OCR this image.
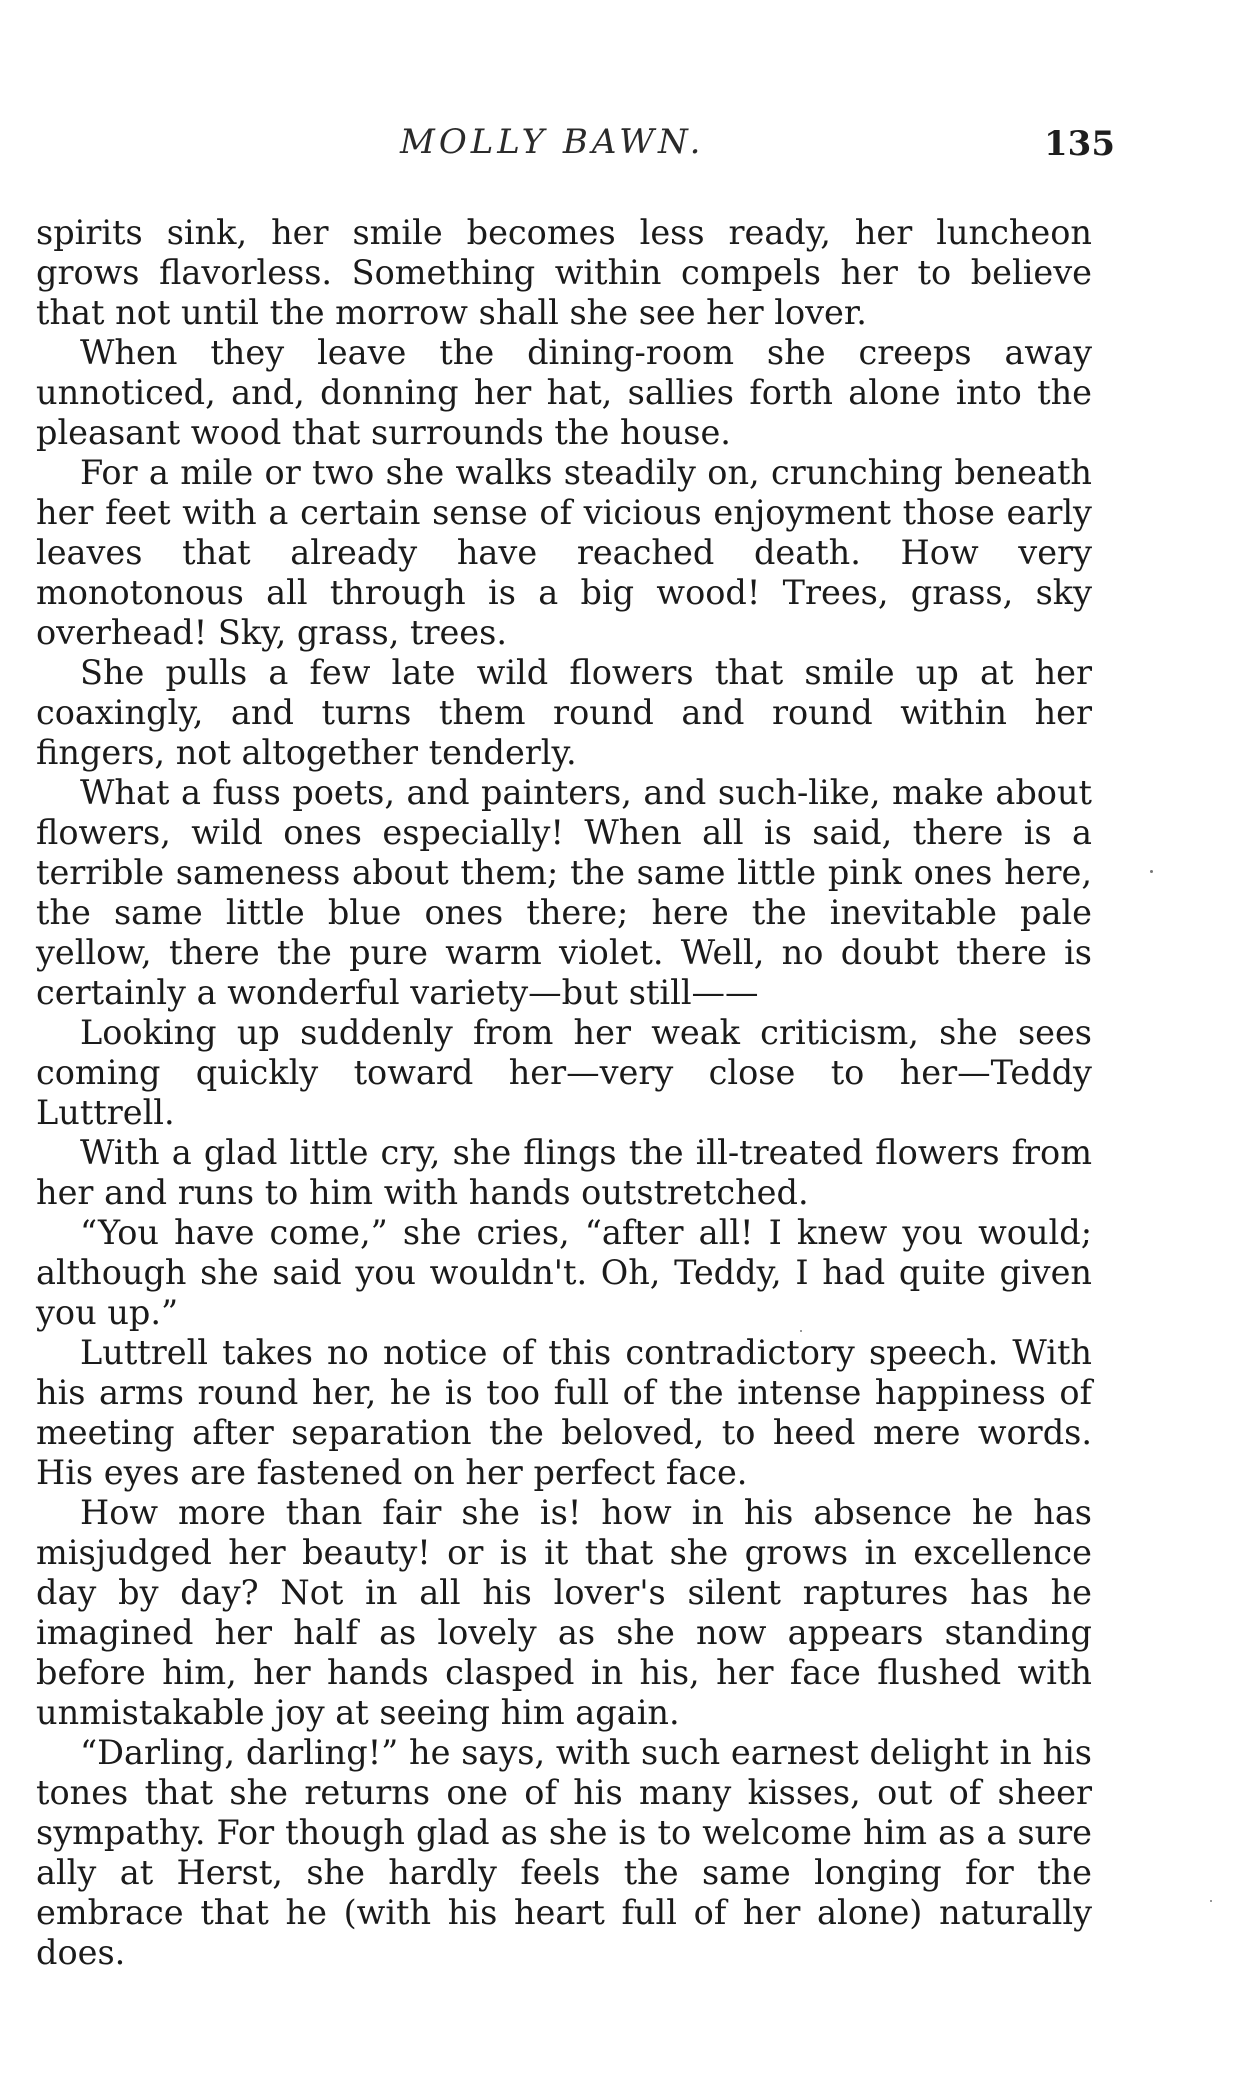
MOLLY BAWN.	135

spirits sink, her smile becomes less ready, her luncheon grows flavorless. Something within compels her to believe that not until the morrow shall she see her lover.

When they leave the dining-room she creeps away unnoticed, and, donning her hat, sallies forth alone into the pleasant wood that surrounds the house.

For a mile or two she walks steadily on, crunching beneath her feet with a certain sense of vicious enjoyment those early leaves that already have reached death. How very monotonous all through is a big wood! Trees, grass, sky overhead! Sky, grass, trees.

She pulls a few late wild flowers that smile up at her coaxingly, and turns them round and round within her fingers, not altogether tenderly.

What a fuss poets, and painters, and such-like, make about flowers, wild ones especially! When all is said, there is a terrible sameness about them; the same little pink ones here, the same little blue ones there; here the inevitable pale yellow, there the pure warm violet. Well, no doubt there is certainly a wonderful variety—but still——

Looking up suddenly from her weak criticism, she sees coming quickly toward her—very close to her—Teddy Luttrell.

With a glad little cry, she flings the ill-treated flowers from her and runs to him with hands outstretched.

“You have come,” she cries, “after all! I knew you would; although she said you wouldn't. Oh, Teddy, I had quite given you up.”

Luttrell takes no notice of this contradictory speech. With his arms round her, he is too full of the intense happiness of meeting after separation the beloved, to heed mere words. His eyes are fastened on her perfect face.

How more than fair she is! how in his absence he has misjudged her beauty! or is it that she grows in excellence day by day? Not in all his lover's silent raptures has he imagined her half as lovely as she now appears standing before him, her hands clasped in his, her face flushed with unmistakable joy at seeing him again.

“Darling, darling!” he says, with such earnest delight in his tones that she returns one of his many kisses, out of sheer sympathy. For though glad as she is to welcome him as a sure ally at Herst, she hardly feels the same longing for the embrace that he (with his heart full of her alone) naturally does.
